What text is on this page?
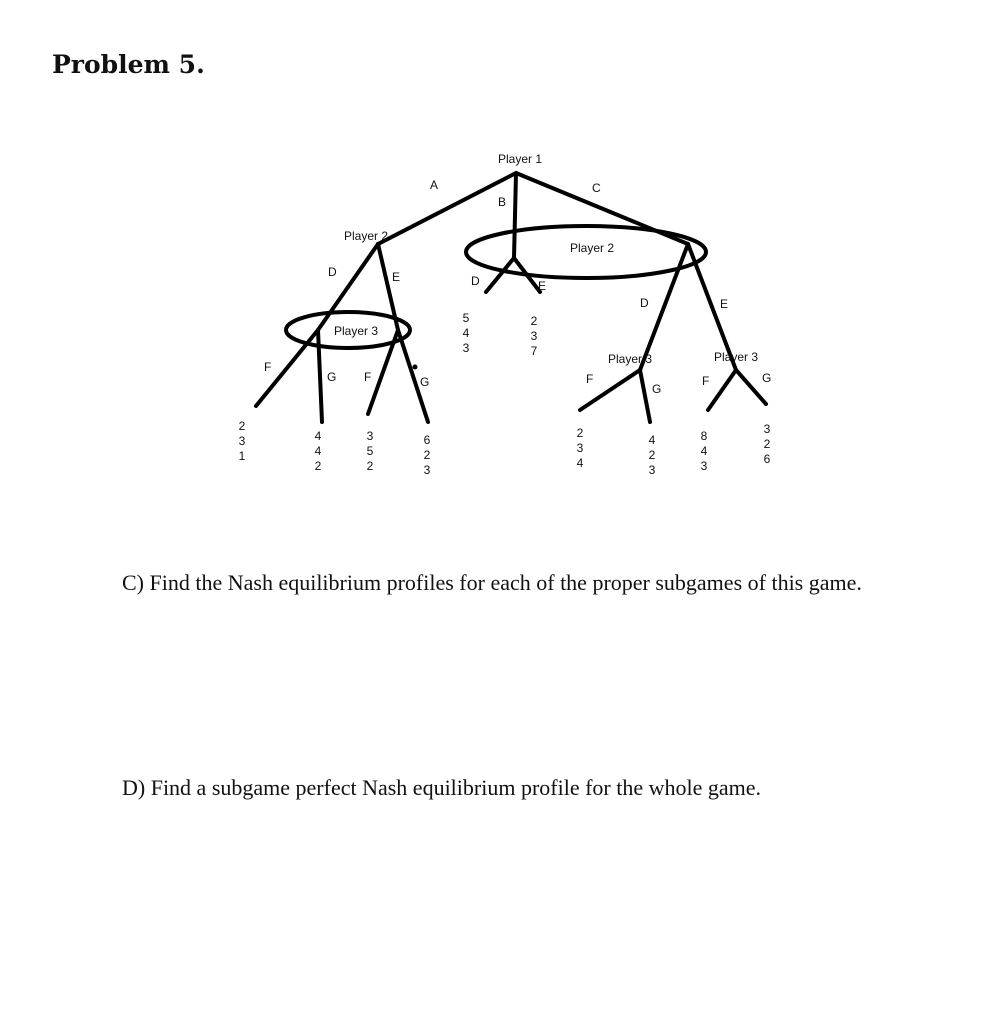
Problem 5.
Player 1
Player 2
Player 2
Player 3
Player 3	Player 3
A
B
C
D	E	D	E
D	E
F
G F	G	F
G
F	G
2
3
1
4
4
2
3
5
2
6
2
3
5
4
3
2
3
7
2
3
4
4
2
3
8
4
3
3
2
6
C) Find the Nash equilibrium profiles for each of the proper subgames of this game.
D) Find a subgame perfect Nash equilibrium profile for the whole game.
